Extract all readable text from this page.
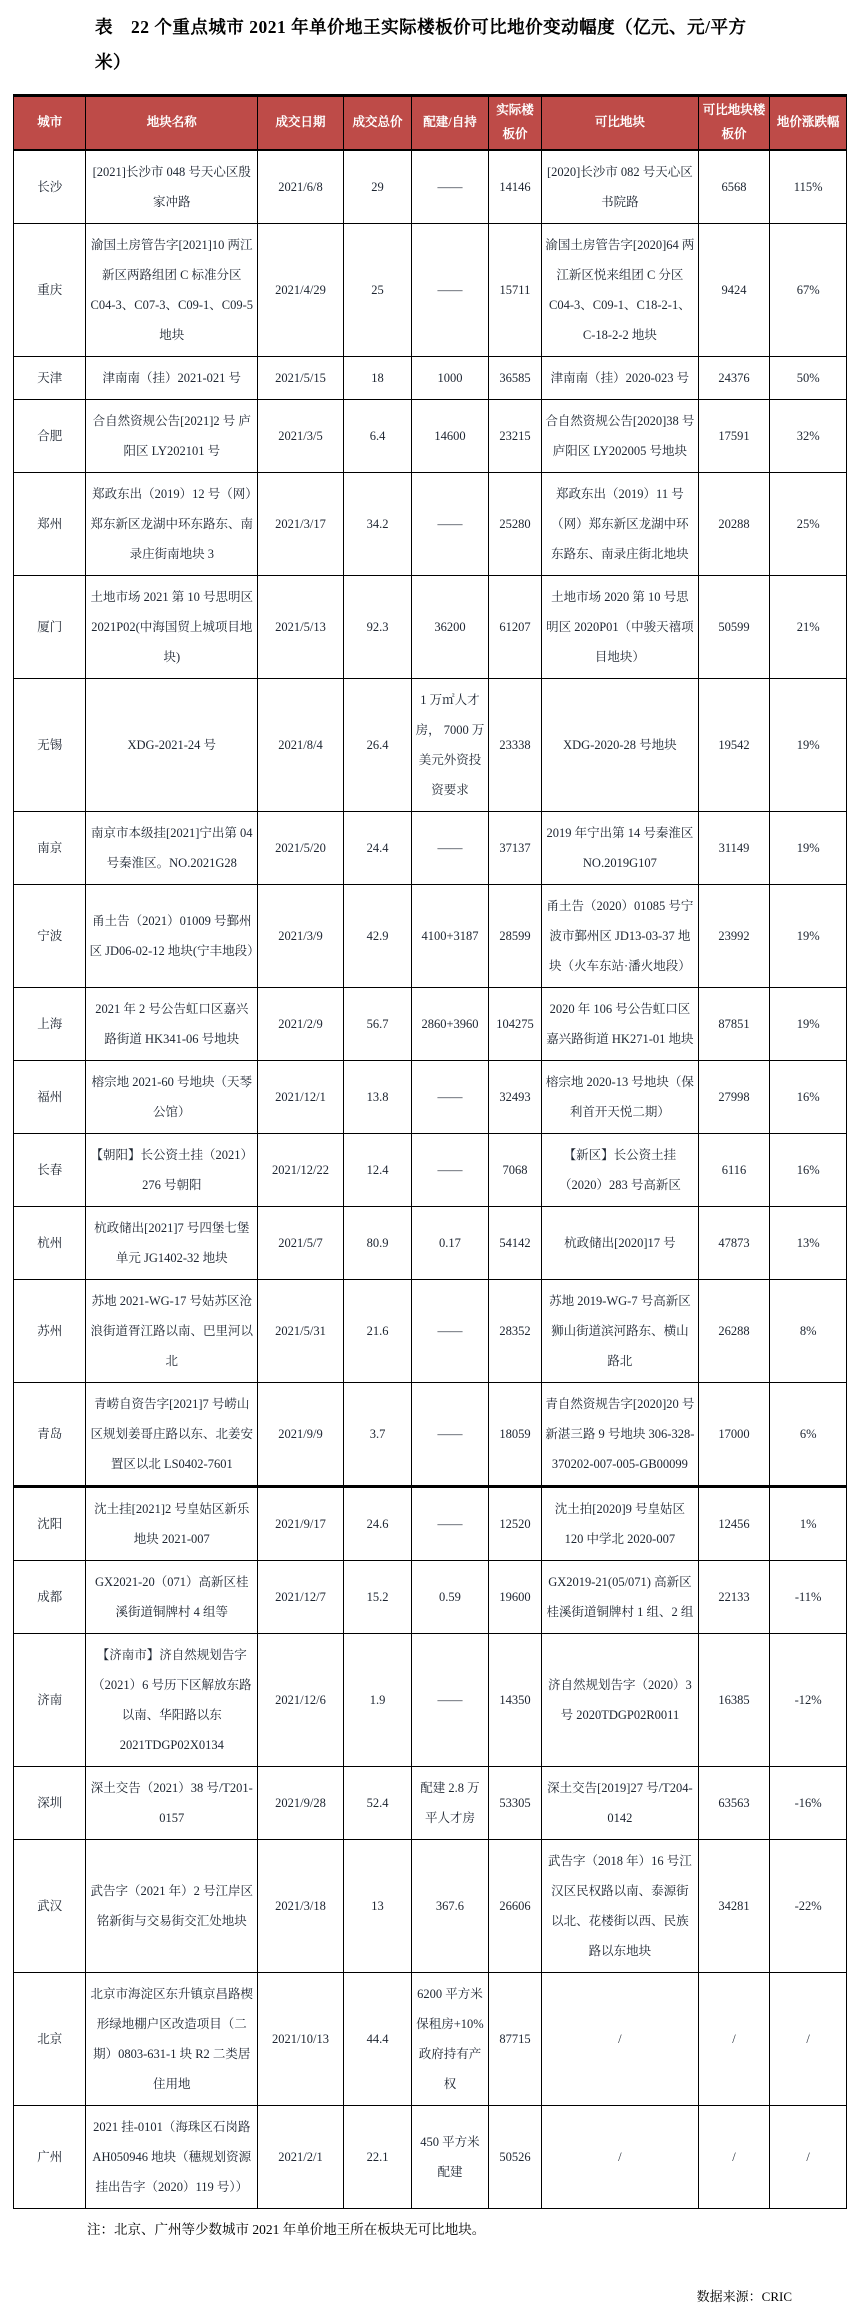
表　22 个重点城市 2021 年单价地王实际楼板价可比地价变动幅度（亿元、元/平方米）
城市	地块名称	成交日期	成交总价	配建/自持	实际楼板价	可比地块	可比地块楼板价	地价涨跌幅
长沙	[2021]长沙市 048 号天心区殷家冲路	2021/6/8	29	——	14146	[2020]长沙市 082 号天心区书院路	6568	115%
重庆	渝国土房管告字[2021]10 两江新区两路组团 C 标准分区 C04-3、C07-3、C09-1、C09-5 地块	2021/4/29	25	——	15711	渝国土房管告字[2020]64 两江新区悦来组团 C 分区 C04-3、C09-1、C18-2-1、C-18-2-2 地块	9424	67%
天津	津南南（挂）2021-021 号	2021/5/15	18	1000	36585	津南南（挂）2020-023 号	24376	50%
合肥	合自然资规公告[2021]2 号 庐阳区 LY202101 号	2021/3/5	6.4	14600	23215	合自然资规公告[2020]38 号庐阳区 LY202005 号地块	17591	32%
郑州	郑政东出（2019）12 号（网）郑东新区龙湖中环东路东、南录庄街南地块 3	2021/3/17	34.2	——	25280	郑政东出（2019）11 号（网）郑东新区龙湖中环东路东、南录庄街北地块	20288	25%
厦门	土地市场 2021 第 10 号思明区 2021P02(中海国贸上城项目地块)	2021/5/13	92.3	36200	61207	土地市场 2020 第 10 号思明区 2020P01（中骏天禧项目地块）	50599	21%
无锡	XDG-2021-24 号	2021/8/4	26.4	1 万㎡人才房， 7000 万美元外资投资要求	23338	XDG-2020-28 号地块	19542	19%
南京	南京市本级挂[2021]宁出第 04 号秦淮区。NO.2021G28	2021/5/20	24.4	——	37137	2019 年宁出第 14 号秦淮区 NO.2019G107	31149	19%
宁波	甬土告（2021）01009 号鄞州区 JD06-02-12 地块(宁丰地段）	2021/3/9	42.9	4100+3187	28599	甬土告（2020）01085 号宁波市鄞州区 JD13-03-37 地块（火车东站·潘火地段）	23992	19%
上海	2021 年 2 号公告虹口区嘉兴路街道 HK341-06 号地块	2021/2/9	56.7	2860+3960	104275	2020 年 106 号公告虹口区嘉兴路街道 HK271-01 地块	87851	19%
福州	榕宗地 2021-60 号地块（天琴公馆）	2021/12/1	13.8	——	32493	榕宗地 2020-13 号地块（保利首开天悦二期）	27998	16%
长春	【朝阳】长公资土挂（2021）276 号朝阳	2021/12/22	12.4	——	7068	【新区】长公资土挂（2020）283 号高新区	6116	16%
杭州	杭政储出[2021]7 号四堡七堡单元 JG1402-32 地块	2021/5/7	80.9	0.17	54142	杭政储出[2020]17 号	47873	13%
苏州	苏地 2021-WG-17 号姑苏区沧浪街道胥江路以南、巴里河以北	2021/5/31	21.6	——	28352	苏地 2019-WG-7 号高新区狮山街道滨河路东、横山路北	26288	8%
青岛	青崂自资告字[2021]7 号崂山区规划姜哥庄路以东、北姜安置区以北 LS0402-7601	2021/9/9	3.7	——	18059	青自然资规告字[2020]20 号 新湛三路 9 号地块 306-328-370202-007-005-GB00099	17000	6%
沈阳	沈土挂[2021]2 号皇姑区新乐地块 2021-007	2021/9/17	24.6	——	12520	沈土拍[2020]9 号皇姑区 120 中学北 2020-007	12456	1%
成都	GX2021-20（071）高新区桂溪街道铜牌村 4 组等	2021/12/7	15.2	0.59	19600	GX2019-21(05/071) 高新区桂溪街道铜牌村 1 组、2 组	22133	-11%
济南	【济南市】济自然规划告字（2021）6 号历下区解放东路以南、华阳路以东 2021TDGP02X0134	2021/12/6	1.9	——	14350	济自然规划告字（2020）3 号 2020TDGP02R0011	16385	-12%
深圳	深土交告（2021）38 号/T201-0157	2021/9/28	52.4	配建 2.8 万平人才房	53305	深土交告[2019]27 号/T204-0142	63563	-16%
武汉	武告字（2021 年）2 号江岸区铭新街与交易街交汇处地块	2021/3/18	13	367.6	26606	武告字（2018 年）16 号江汉区民权路以南、泰源街以北、花楼街以西、民族路以东地块	34281	-22%
北京	北京市海淀区东升镇京昌路楔形绿地棚户区改造项目（二期）0803-631-1 块 R2 二类居住用地	2021/10/13	44.4	6200 平方米保租房+10%政府持有产权	87715	/	/	/
广州	2021 挂-0101（海珠区石岗路 AH050946 地块（穗规划资源挂出告字（2020）119 号））	2021/2/1	22.1	450 平方米配建	50526	/	/	/

注：北京、广州等少数城市 2021 年单价地王所在板块无可比地块。

数据来源：CRIC
